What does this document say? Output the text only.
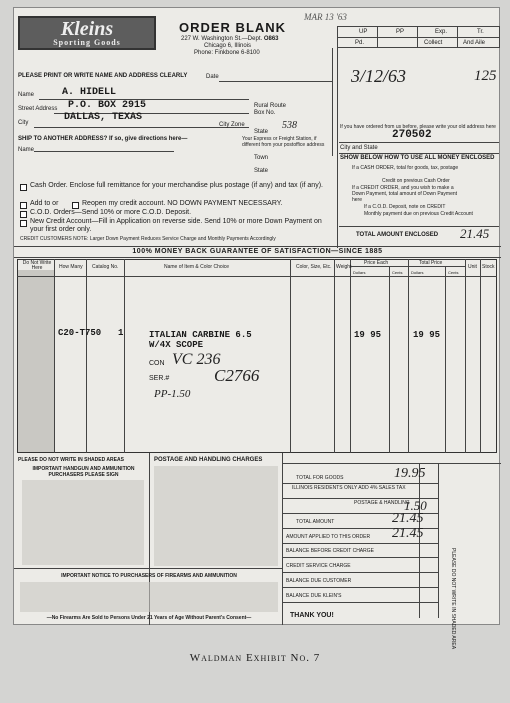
Kleins
Sporting Goods
ORDER BLANK
227 W. Washington St.—Dept. O863
Chicago 6, Illinois
Phone: Finkbone 6-8100
MAR 13 '63
UP	PP
Pd.	Collect
Exp.
And Aile
Tr.
125
3/12/63
538
PLEASE PRINT OR WRITE NAME AND ADDRESS CLEARLY	Date
Name	A. HIDELL
Street Address P.O. BOX 2915
City	DALLAS, TEXAS
Rural Route
Box No.
City Zone
State
SHIP TO ANOTHER ADDRESS? If so, give directions here—
Name
Your Express or Freight Station, if different from your postoffice address
Town
State
If you have ordered from us before, please write your old address here
270502
City and State
SHOW BELOW HOW TO USE ALL MONEY ENCLOSED
If a CASH ORDER, total for goods, tax, postage
Credit on previous Cash Order
If a CREDIT ORDER, and you wish to make a Down Payment, total amount of Down Payment here
If a C.O.D. Deposit, note on CREDIT
Monthly payment due on previous Credit Account
TOTAL AMOUNT ENCLOSED 21.45
Cash Order. Enclose full remittance for your merchandise plus postage (if any) and tax (if any).
Add to or	Reopen my credit account. NO DOWN PAYMENT NECESSARY.
C.O.D. Orders—Send 10% or more C.O.D. Deposit.
New Credit Account—Fill in Application on reverse side. Send 10% or more Down Payment on your first order only.
CREDIT CUSTOMERS NOTE: Larger Down Payment Reduces Service Charge and Monthly Payments Accordingly
100% MONEY BACK GUARANTEE OF SATISFACTION—SINCE 1885
Do Not Write Here	How Many Catalog No.	Name of Item & Color Choice	Color, Size, Etc. Weight
Price Each	Total Price
Unit Stock
Dollars	Cents Dollars	Cents
C20-T750 1	ITALIAN CARBINE 6.5
W/4X SCOPE
19 95	19 95
CON VC 236
SER.#	C2766
PP-1.50
PLEASE DO NOT WRITE IN SHADED AREAS
IMPORTANT HANDGUN AND AMMUNITION PURCHASERS PLEASE SIGN
IMPORTANT NOTICE TO PURCHASERS OF FIREARMS AND AMMUNITION
—No Firearms Are Sold to Persons Under 21 Years of Age Without Parent's Consent—
POSTAGE AND HANDLING CHARGES
TOTAL FOR GOODS	19.95
ILLINOIS RESIDENTS ONLY ADD 4% SALES TAX
POSTAGE & HANDLING
1.50
TOTAL AMOUNT	21.45
AMOUNT APPLIED TO THIS ORDER 21.45
BALANCE BEFORE CREDIT CHARGE
CREDIT SERVICE CHARGE
BALANCE DUE CUSTOMER
BALANCE DUE KLEIN'S
THANK YOU!	PLEASE DO NOT WRITE IN SHADED AREA
Waldman Exhibit No. 7
